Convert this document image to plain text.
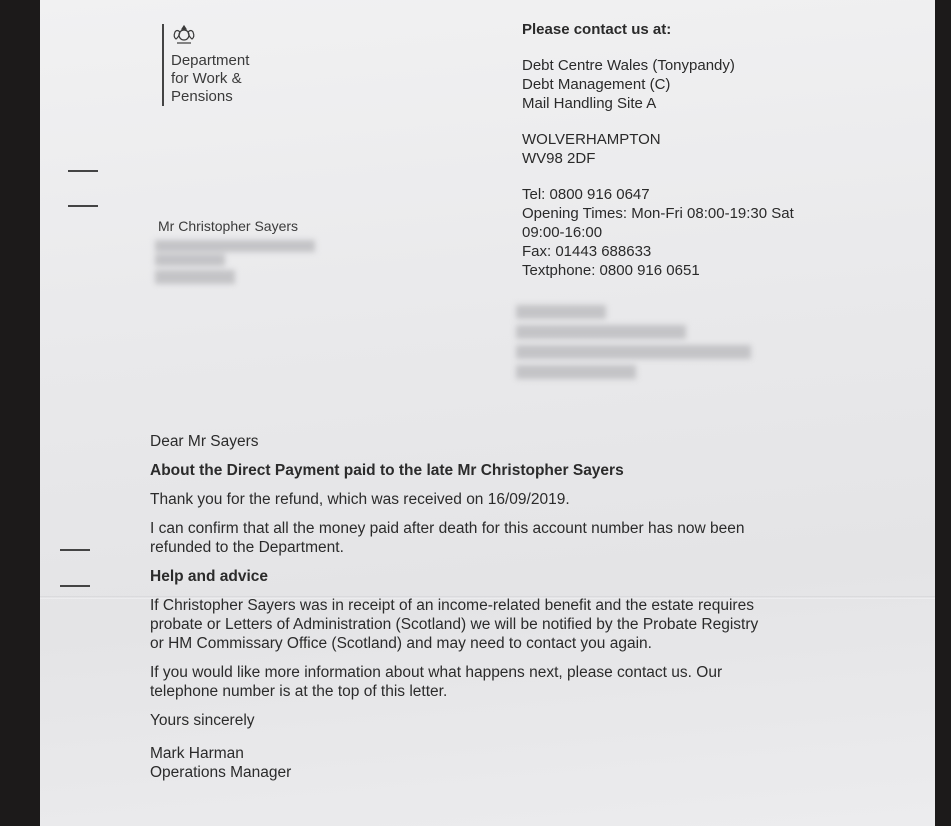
Department
for Work &
Pensions
Please contact us at:
Debt Centre Wales (Tonypandy)
Debt Management (C)
Mail Handling Site A
WOLVERHAMPTON
WV98 2DF
Tel: 0800 916 0647
Opening Times: Mon-Fri 08:00-19:30 Sat
09:00-16:00
Fax: 01443 688633
Textphone: 0800 916 0651
Mr Christopher Sayers

Dear Mr Sayers

About the Direct Payment paid to the late Mr Christopher Sayers

Thank you for the refund, which was received on 16/09/2019.

I can confirm that all the money paid after death for this account number has now been
refunded to the Department.

Help and advice

If Christopher Sayers was in receipt of an income-related benefit and the estate requires
probate or Letters of Administration (Scotland) we will be notified by the Probate Registry
or HM Commissary Office (Scotland) and may need to contact you again.

If you would like more information about what happens next, please contact us. Our
telephone number is at the top of this letter.

Yours sincerely

Mark Harman
Operations Manager
